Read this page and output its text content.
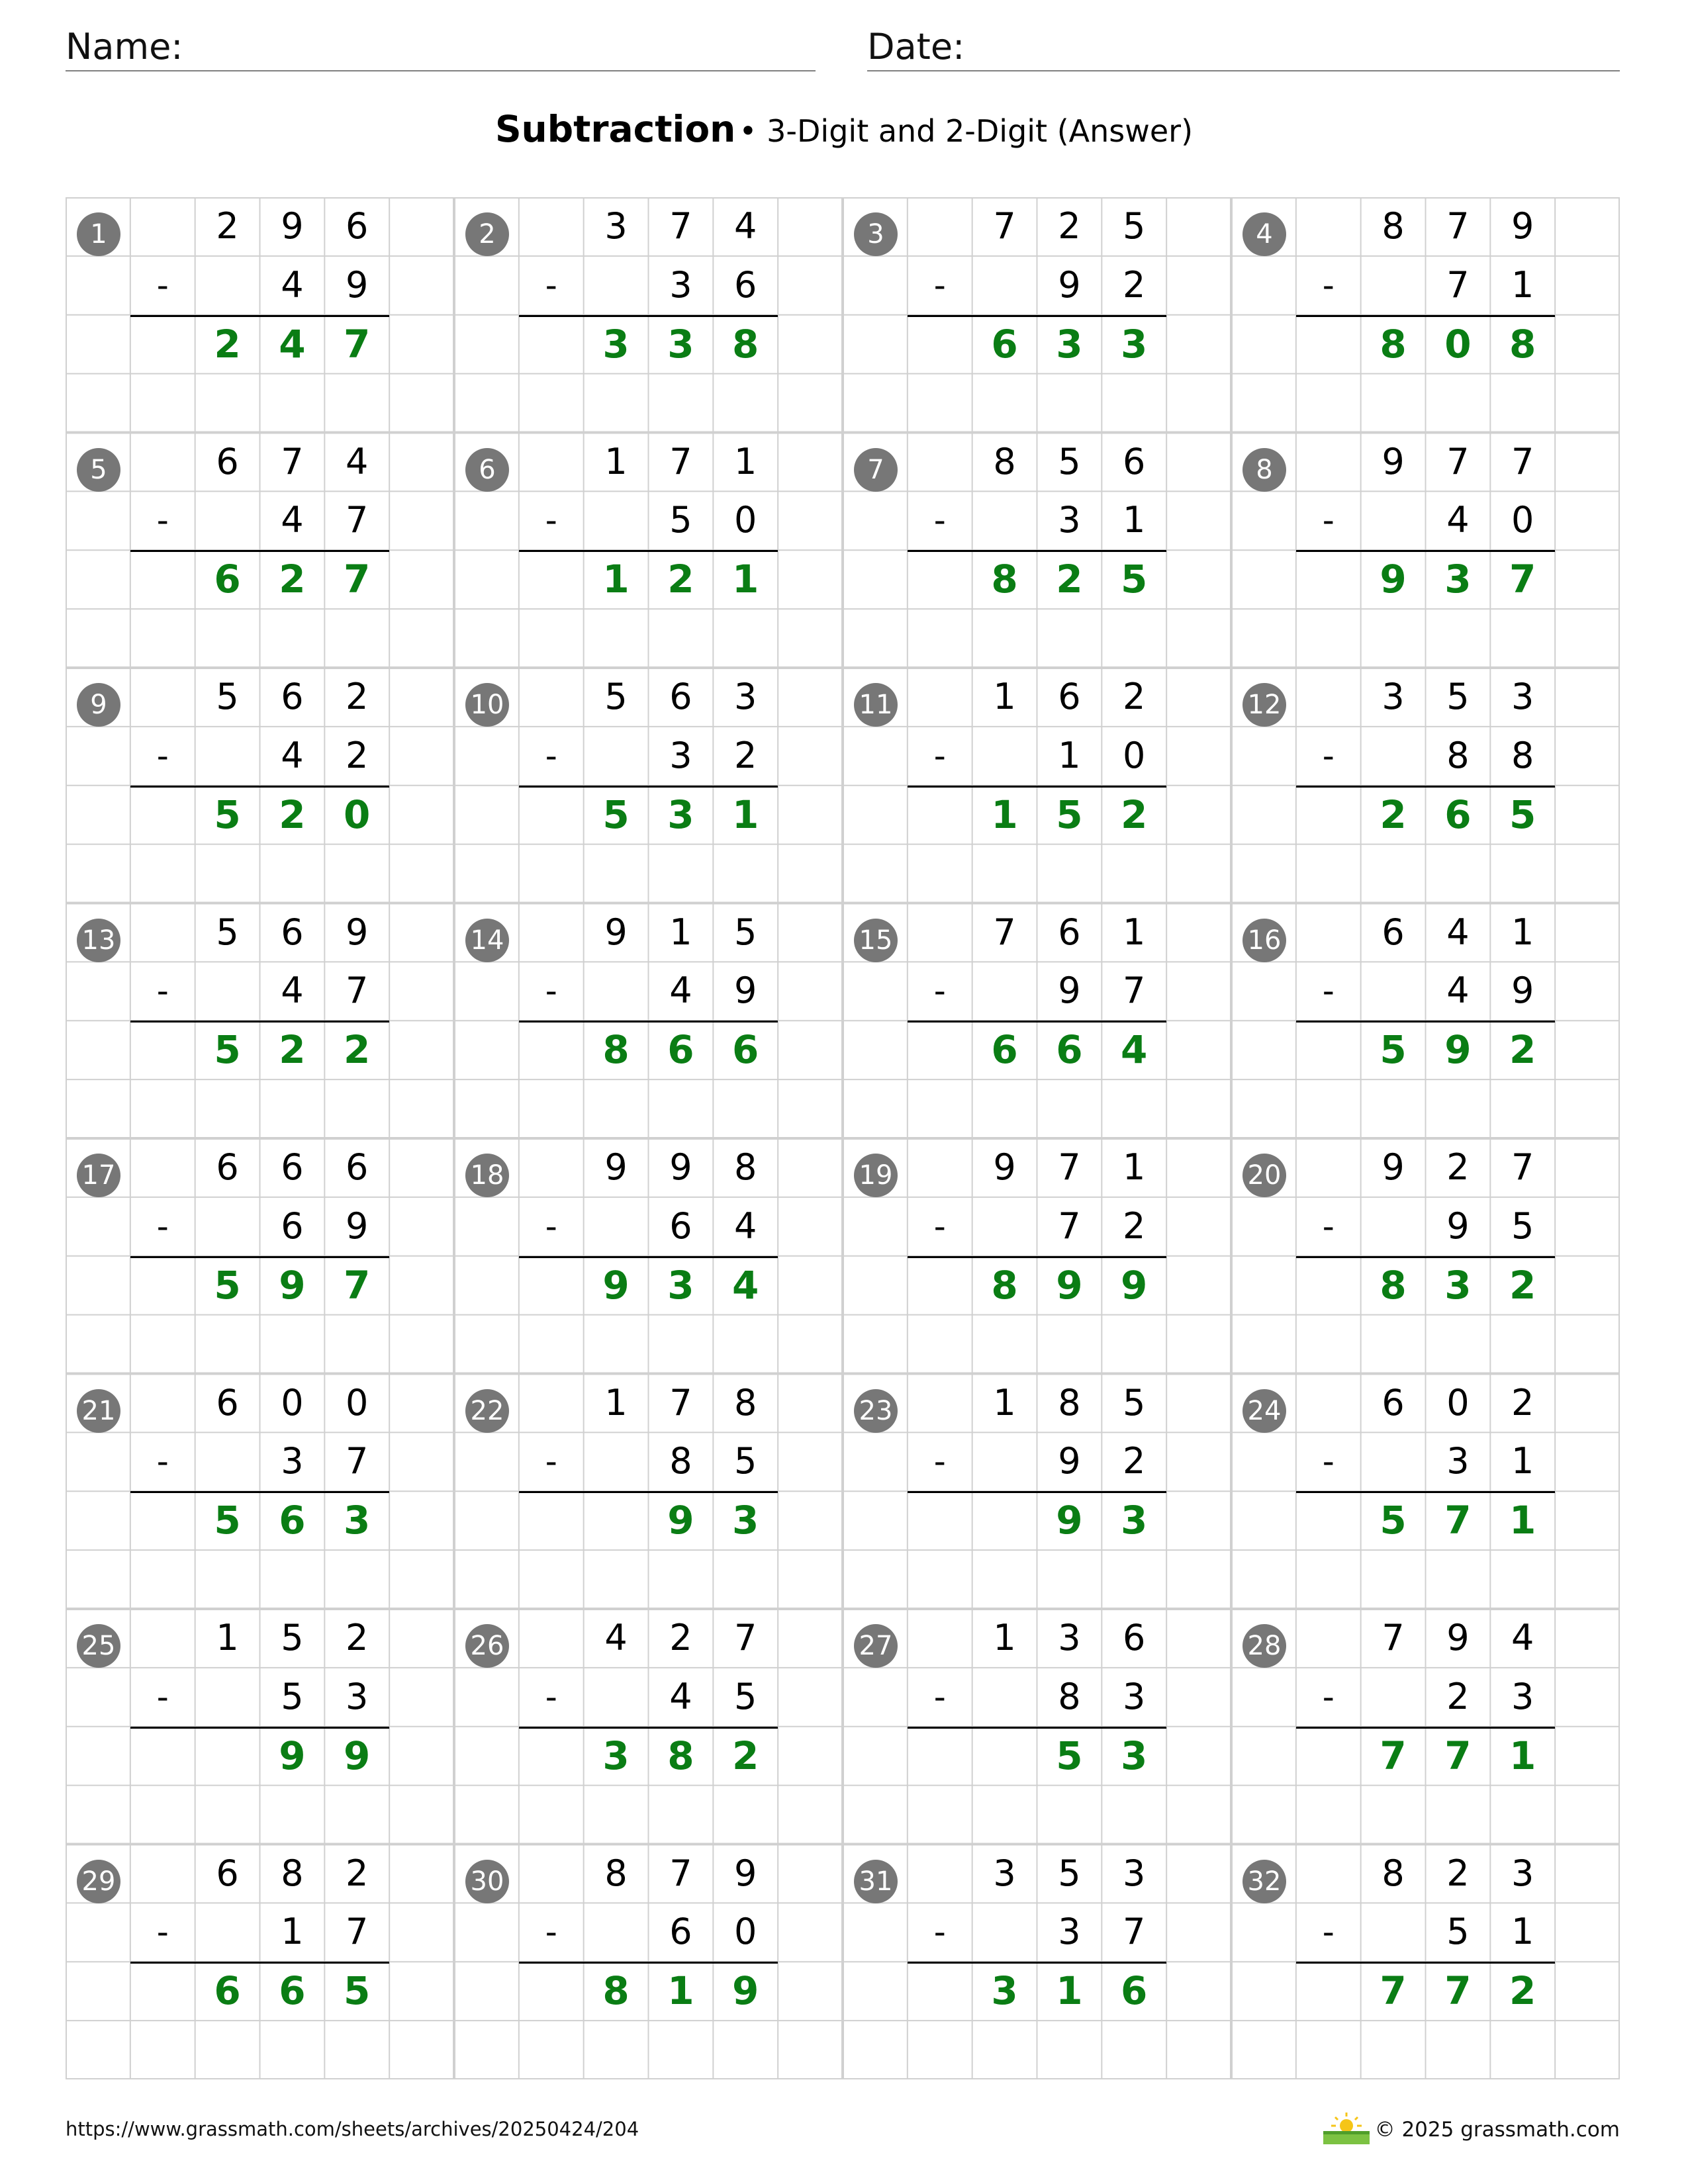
Name:	Date:
Subtraction • 3-Digit and 2-Digit (Answer)
1	2	9	6
-	4	9
2 4 7
2	3	7	4
-	3	6
3 3 8
3	7	2	5
-	9	2
6 3 3
4	8	7	9
-	7	1
8 0 8
5	6	7	4
-	4	7
6 2 7
6	1	7	1
-	5	0
1 2 1
7	8	5	6
-	3	1
8 2 5
8	9	7	7
-	4	0
9 3 7
9	5	6	2
-	4	2
5 2 0
10	5	6	3
-	3	2
5 3 1
11	1	6	2
-	1	0
1 5 2
12	3	5	3
-	8	8
2 6 5
13	5	6	9
-	4	7
5 2 2
14	9	1	5
-	4	9
8 6 6
15	7	6	1
-	9	7
6 6 4
16	6	4	1
-	4	9
5 9 2
17	6	6	6
-	6	9
5 9 7
18	9	9	8
-	6	4
9 3 4
19	9	7	1
-	7	2
8 9 9
20	9	2	7
-	9	5
8 3 2
21	6	0	0
-	3	7
5 6 3
22	1	7	8
-	8	5
9 3
23	1	8	5
-	9	2
9 3
24	6	0	2
-	3	1
5 7 1
25	1	5	2
-	5	3
9 9
26	4	2	7
-	4	5
3 8 2
27	1	3	6
-	8	3
5 3
28	7	9	4
-	2	3
7 7 1
29	6	8	2
-	1	7
6 6 5
30	8	7	9
-	6	0
8 1 9
31	3	5	3
-	3	7
3 1 6
32	8	2	3
-	5	1
7 7 2
https://www.grassmath.com/sheets/archives/20250424/204	© 2025 grassmath.com
